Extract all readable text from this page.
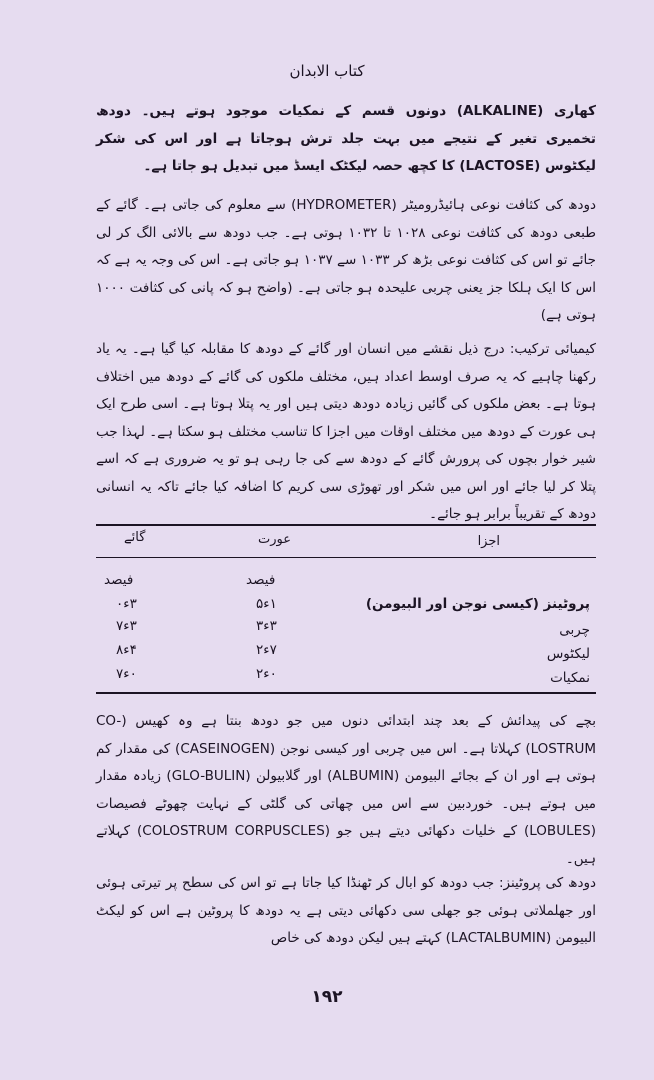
کتاب الابدان

کھاری (ALKALINE) دونوں قسم کے نمکیات موجود ہوتے ہیں۔ دودھ تخمیری تغیر کے نتیجے میں بہت جلد ترش ہوجاتا ہے اور اس کی شکر لیکٹوس (LACTOSE) کا کچھ حصہ لیکٹک ایسڈ میں تبدیل ہو جاتا ہے۔

دودھ کی کثافت نوعی ہائیڈرومیٹر (HYDROMETER) سے معلوم کی جاتی ہے۔ گائے کے طبعی دودھ کی کثافت نوعی ۱۰۲۸ تا ۱۰۳۲ ہوتی ہے۔ جب دودھ سے بالائی الگ کر لی جائے تو اس کی کثافت نوعی بڑھ کر ۱۰۳۳ سے ۱۰۳۷ ہو جاتی ہے۔ اس کی وجہ یہ ہے کہ اس کا ایک ہلکا جز یعنی چربی علیحدہ ہو جاتی ہے۔ (واضح ہو کہ پانی کی کثافت ۱۰۰۰ ہوتی ہے)

کیمیائی ترکیب: درج ذیل نقشے میں انسان اور گائے کے دودھ کا مقابلہ کیا گیا ہے۔ یہ یاد رکھنا چاہیے کہ یہ صرف اوسط اعداد ہیں، مختلف ملکوں کی گائے کے دودھ میں اختلاف ہوتا ہے۔ بعض ملکوں کی گائیں زیادہ دودھ دیتی ہیں اور یہ پتلا ہوتا ہے۔ اسی طرح ایک ہی عورت کے دودھ میں مختلف اوقات میں اجزا کا تناسب مختلف ہو سکتا ہے۔ لہذا جب شیر خوار بچوں کی پرورش گائے کے دودھ سے کی جا رہی ہو تو یہ ضروری ہے کہ اسے پتلا کر لیا جائے اور اس میں شکر اور تھوڑی سی کریم کا اضافہ کیا جائے تاکہ یہ انسانی دودھ کے تقریباً برابر ہو جائے۔

اجزا
عورت
گائے
فیصد
فیصد
پروٹینز (کیسی نوجن اور البیومن)
۱ء۵
۳ء۰
چربی
۳ء۳
۳ء۷
لیکٹوس
۷ء۲
۴ء۸
نمکیات
۰ء۲
۰ء۷

بچے کی پیدائش کے بعد چند ابتدائی دنوں میں جو دودھ بنتا ہے وہ کھیس (CO-LOSTRUM) کہلاتا ہے۔ اس میں چربی اور کیسی نوجن (CASEINOGEN) کی مقدار کم ہوتی ہے اور ان کے بجائے البیومن (ALBUMIN) اور گلابیولن (GLO-BULIN) زیادہ مقدار میں ہوتے ہیں۔ خوردبین سے اس میں چھاتی کی گلٹی کے نہایت چھوٹے فصیصات (LOBULES) کے خلیات دکھائی دیتے ہیں جو (COLOSTRUM CORPUSCLES) کہلاتے ہیں۔

دودھ کی پروٹینز: جب دودھ کو ابال کر ٹھنڈا کیا جاتا ہے تو اس کی سطح پر تیرتی ہوئی اور جھلملاتی ہوئی جو جھلی سی دکھائی دیتی ہے یہ دودھ کا پروٹین ہے اس کو لیکٹ البیومن (LACTALBUMIN) کہتے ہیں لیکن دودھ کی خاص

۱۹۲
